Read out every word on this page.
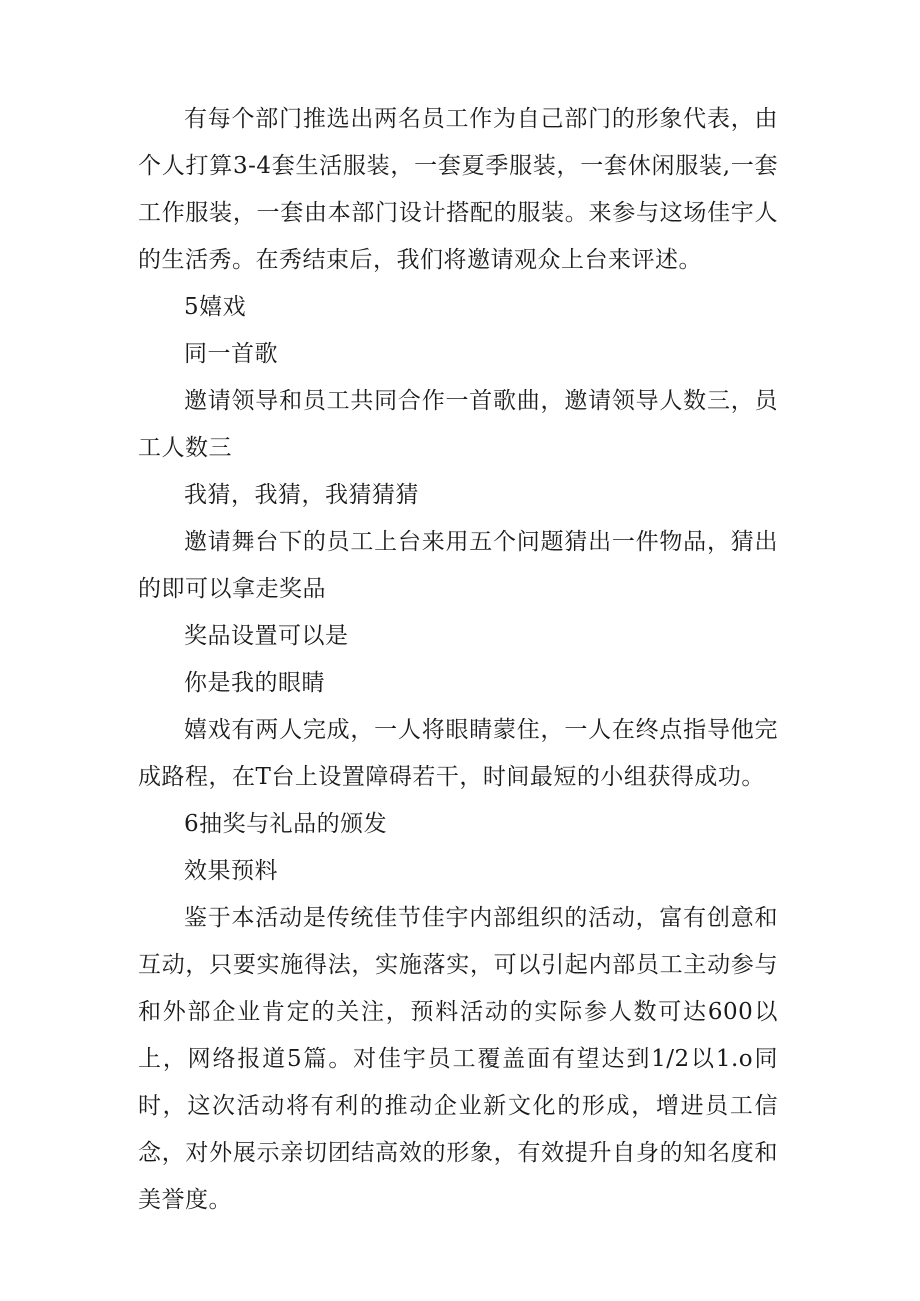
有每个部门推选出两名员工作为自己部门的形象代表，由个人打算3-4套生活服装，一套夏季服装，一套休闲服装,一套工作服装，一套由本部门设计搭配的服装。来参与这场佳宇人的生活秀。在秀结束后，我们将邀请观众上台来评述。

5嬉戏

同一首歌

邀请领导和员工共同合作一首歌曲，邀请领导人数三，员工人数三

我猜，我猜，我猜猜猜

邀请舞台下的员工上台来用五个问题猜出一件物品，猜出的即可以拿走奖品

奖品设置可以是

你是我的眼睛

嬉戏有两人完成，一人将眼睛蒙住，一人在终点指导他完成路程，在T台上设置障碍若干，时间最短的小组获得成功。

6抽奖与礼品的颁发

效果预料

鉴于本活动是传统佳节佳宇内部组织的活动，富有创意和互动，只要实施得法，实施落实，可以引起内部员工主动参与和外部企业肯定的关注，预料活动的实际参人数可达600以上，网络报道5篇。对佳宇员工覆盖面有望达到1/2以1.o同时，这次活动将有利的推动企业新文化的形成，增进员工信念，对外展示亲切团结高效的形象，有效提升自身的知名度和美誉度。
